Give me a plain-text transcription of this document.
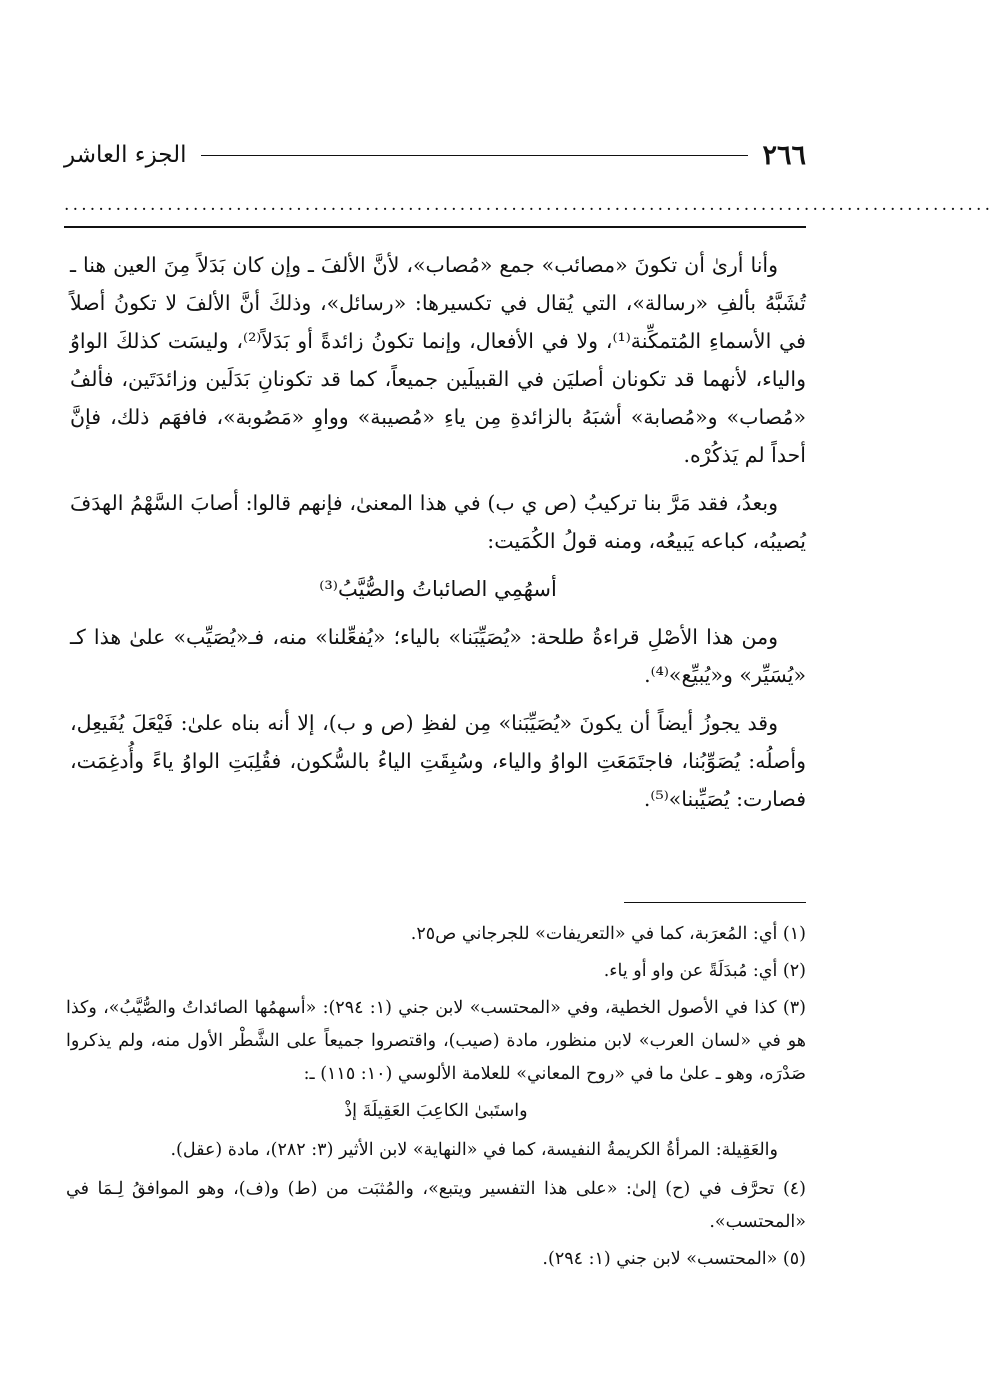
الجزء العاشر	٢٦٦
............................................................................................................

وأنا أرىٰ أن تكونَ «مصائب» جمع «مُصاب»، لأنَّ الألفَ ـ وإن كان بَدَلاً مِنَ العين هنا ـ تُشَبَّهُ بألفِ «رسالة»، التي يُقال في تكسيرها: «رسائل»، وذلكَ أنَّ الألفَ لا تكونُ أصلاً في الأسماءِ المُتمكِّنة⁽¹⁾، ولا في الأفعال، وإنما تكونُ زائدةً أو بَدَلاً⁽²⁾، وليسَت كذلكَ الواوُ والياء، لأنهما قد تكونان أصليَن في القبيلَين جميعاً، كما قد تكونانِ بَدَلَين وزائدَتَين، فألفُ «مُصاب» و«مُصابة» أشبَهُ بالزائدةِ مِن ياءِ «مُصيبة» وواوِ «مَصُوبة»، فافهَم ذلك، فإنَّ أحداً لم يَذكُرْه.

وبعدُ، فقد مَرَّ بنا تركيبُ (ص ي ب) في هذا المعنىٰ، فإنهم قالوا: أصابَ السَّهْمُ الهدَفَ يُصيبُه، كباعه يَبيعُه، ومنه قولُ الكُمَيت:

أسهُمِي الصائباتُ والصُّيَّبُ⁽³⁾

ومن هذا الأصْلِ قراءةُ طلحة: «يُصَيِّبَنا» بالياء؛ «يُفعِّلنا» منه، فـ«يُصَيِّب» علىٰ هذا كـ «يُسَيِّر» و«يُبيِّع»⁽⁴⁾.

وقد يجوزُ أيضاً أن يكونَ «يُصَيِّبَنا» مِن لفظِ (ص و ب)، إلا أنه بناه علىٰ: فَيْعَلَ يُفَيعِل، وأصلُه: يُصَوِّبُنا، فاجتَمَعَتِ الواوُ والياء، وسُبِقَتِ الياءُ بالسُّكون، فقُلِبَتِ الواوُ ياءً وأُدغِمَت، فصارت: يُصَيِّبنا»⁽⁵⁾.

(١) أي: المُعرَبة، كما في «التعريفات» للجرجاني ص٢٥.
(٢) أي: مُبدَلَةً عن واو أو ياء.
(٣) كذا في الأصول الخطية، وفي «المحتسب» لابن جني (١: ٢٩٤): «أسهمُها الصائداتُ والصُّيَّبُ»، وكذا هو في «لسان العرب» لابن منظور، مادة (صيب)، واقتصروا جميعاً على الشَّطْر الأول منه، ولم يذكروا صَدْرَه، وهو ـ علىٰ ما في «روح المعاني» للعلامة الألوسي (١٠: ١١٥) ـ:
واستَبىٰ الكاعِبَ العَقِيلَةَ إذْ
والعَقِيلة: المرأةُ الكريمةُ النفيسة، كما في «النهاية» لابن الأثير (٣: ٢٨٢)، مادة (عقل).
(٤) تحرَّف في (ح) إلىٰ: «على هذا التفسير ويتبع»، والمُثبَت من (ط) و(ف)، وهو الموافقُ لِـمَا في «المحتسب».
(٥) «المحتسب» لابن جني (١: ٢٩٤).
